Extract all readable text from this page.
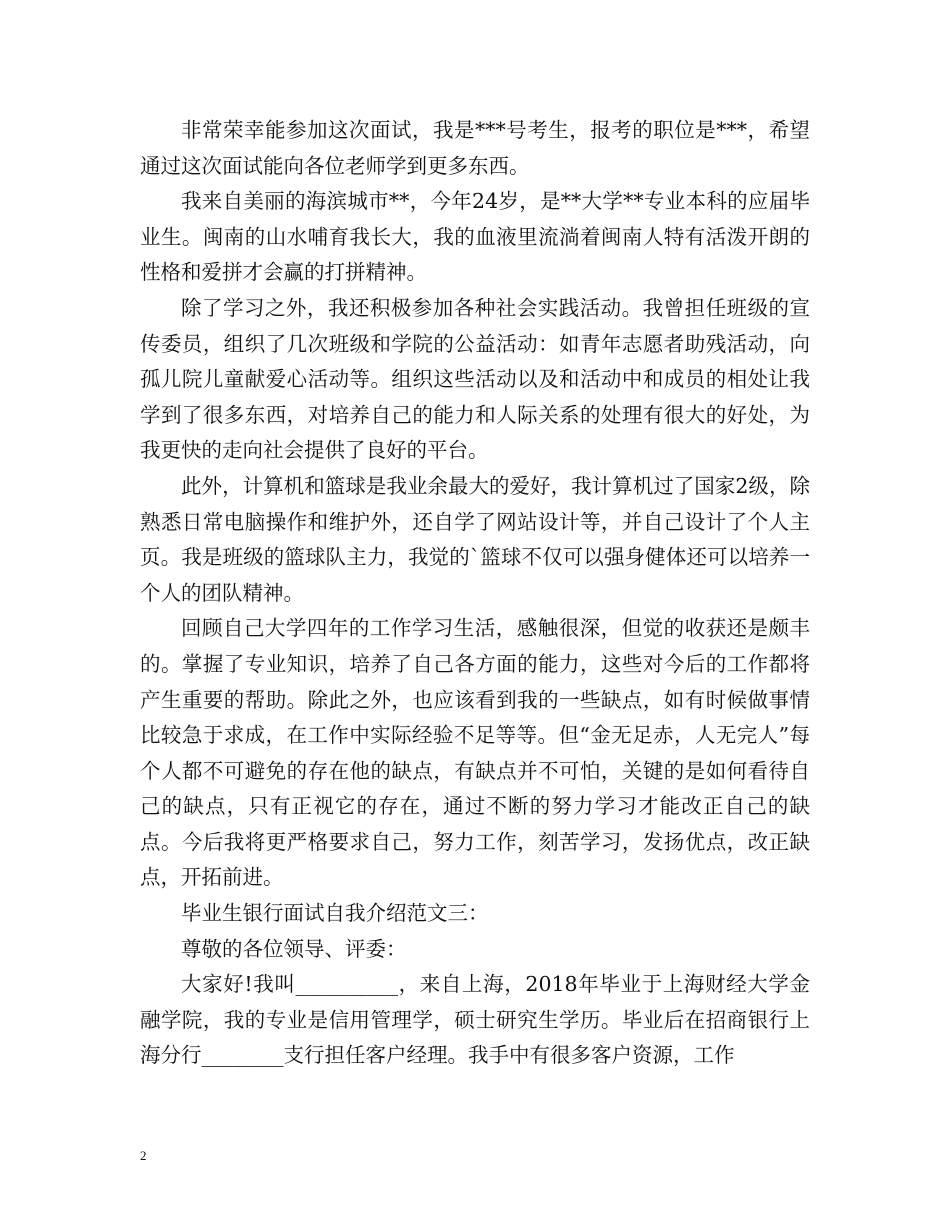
非常荣幸能参加这次面试，我是***号考生，报考的职位是***，希望通过这次面试能向各位老师学到更多东西。

我来自美丽的海滨城市**，今年24岁，是**大学**专业本科的应届毕业生。闽南的山水哺育我长大，我的血液里流淌着闽南人特有活泼开朗的性格和爱拼才会赢的打拼精神。

除了学习之外，我还积极参加各种社会实践活动。我曾担任班级的宣传委员，组织了几次班级和学院的公益活动：如青年志愿者助残活动，向孤儿院儿童献爱心活动等。组织这些活动以及和活动中和成员的相处让我学到了很多东西，对培养自己的能力和人际关系的处理有很大的好处，为我更快的走向社会提供了良好的平台。

此外，计算机和篮球是我业余最大的爱好，我计算机过了国家2级，除熟悉日常电脑操作和维护外，还自学了网站设计等，并自己设计了个人主页。我是班级的篮球队主力，我觉的`篮球不仅可以强身健体还可以培养一个人的团队精神。

回顾自己大学四年的工作学习生活，感触很深，但觉的收获还是颇丰的。掌握了专业知识，培养了自己各方面的能力，这些对今后的工作都将产生重要的帮助。除此之外，也应该看到我的一些缺点，如有时候做事情比较急于求成，在工作中实际经验不足等等。但“金无足赤，人无完人”每个人都不可避免的存在他的缺点，有缺点并不可怕，关键的是如何看待自己的缺点，只有正视它的存在，通过不断的努力学习才能改正自己的缺点。今后我将更严格要求自己，努力工作，刻苦学习，发扬优点，改正缺点，开拓前进。

毕业生银行面试自我介绍范文三：

尊敬的各位领导、评委：

大家好!我叫__________，来自上海，2018年毕业于上海财经大学金融学院，我的专业是信用管理学，硕士研究生学历。毕业后在招商银行上海分行________支行担任客户经理。我手中有很多客户资源，工作

2
